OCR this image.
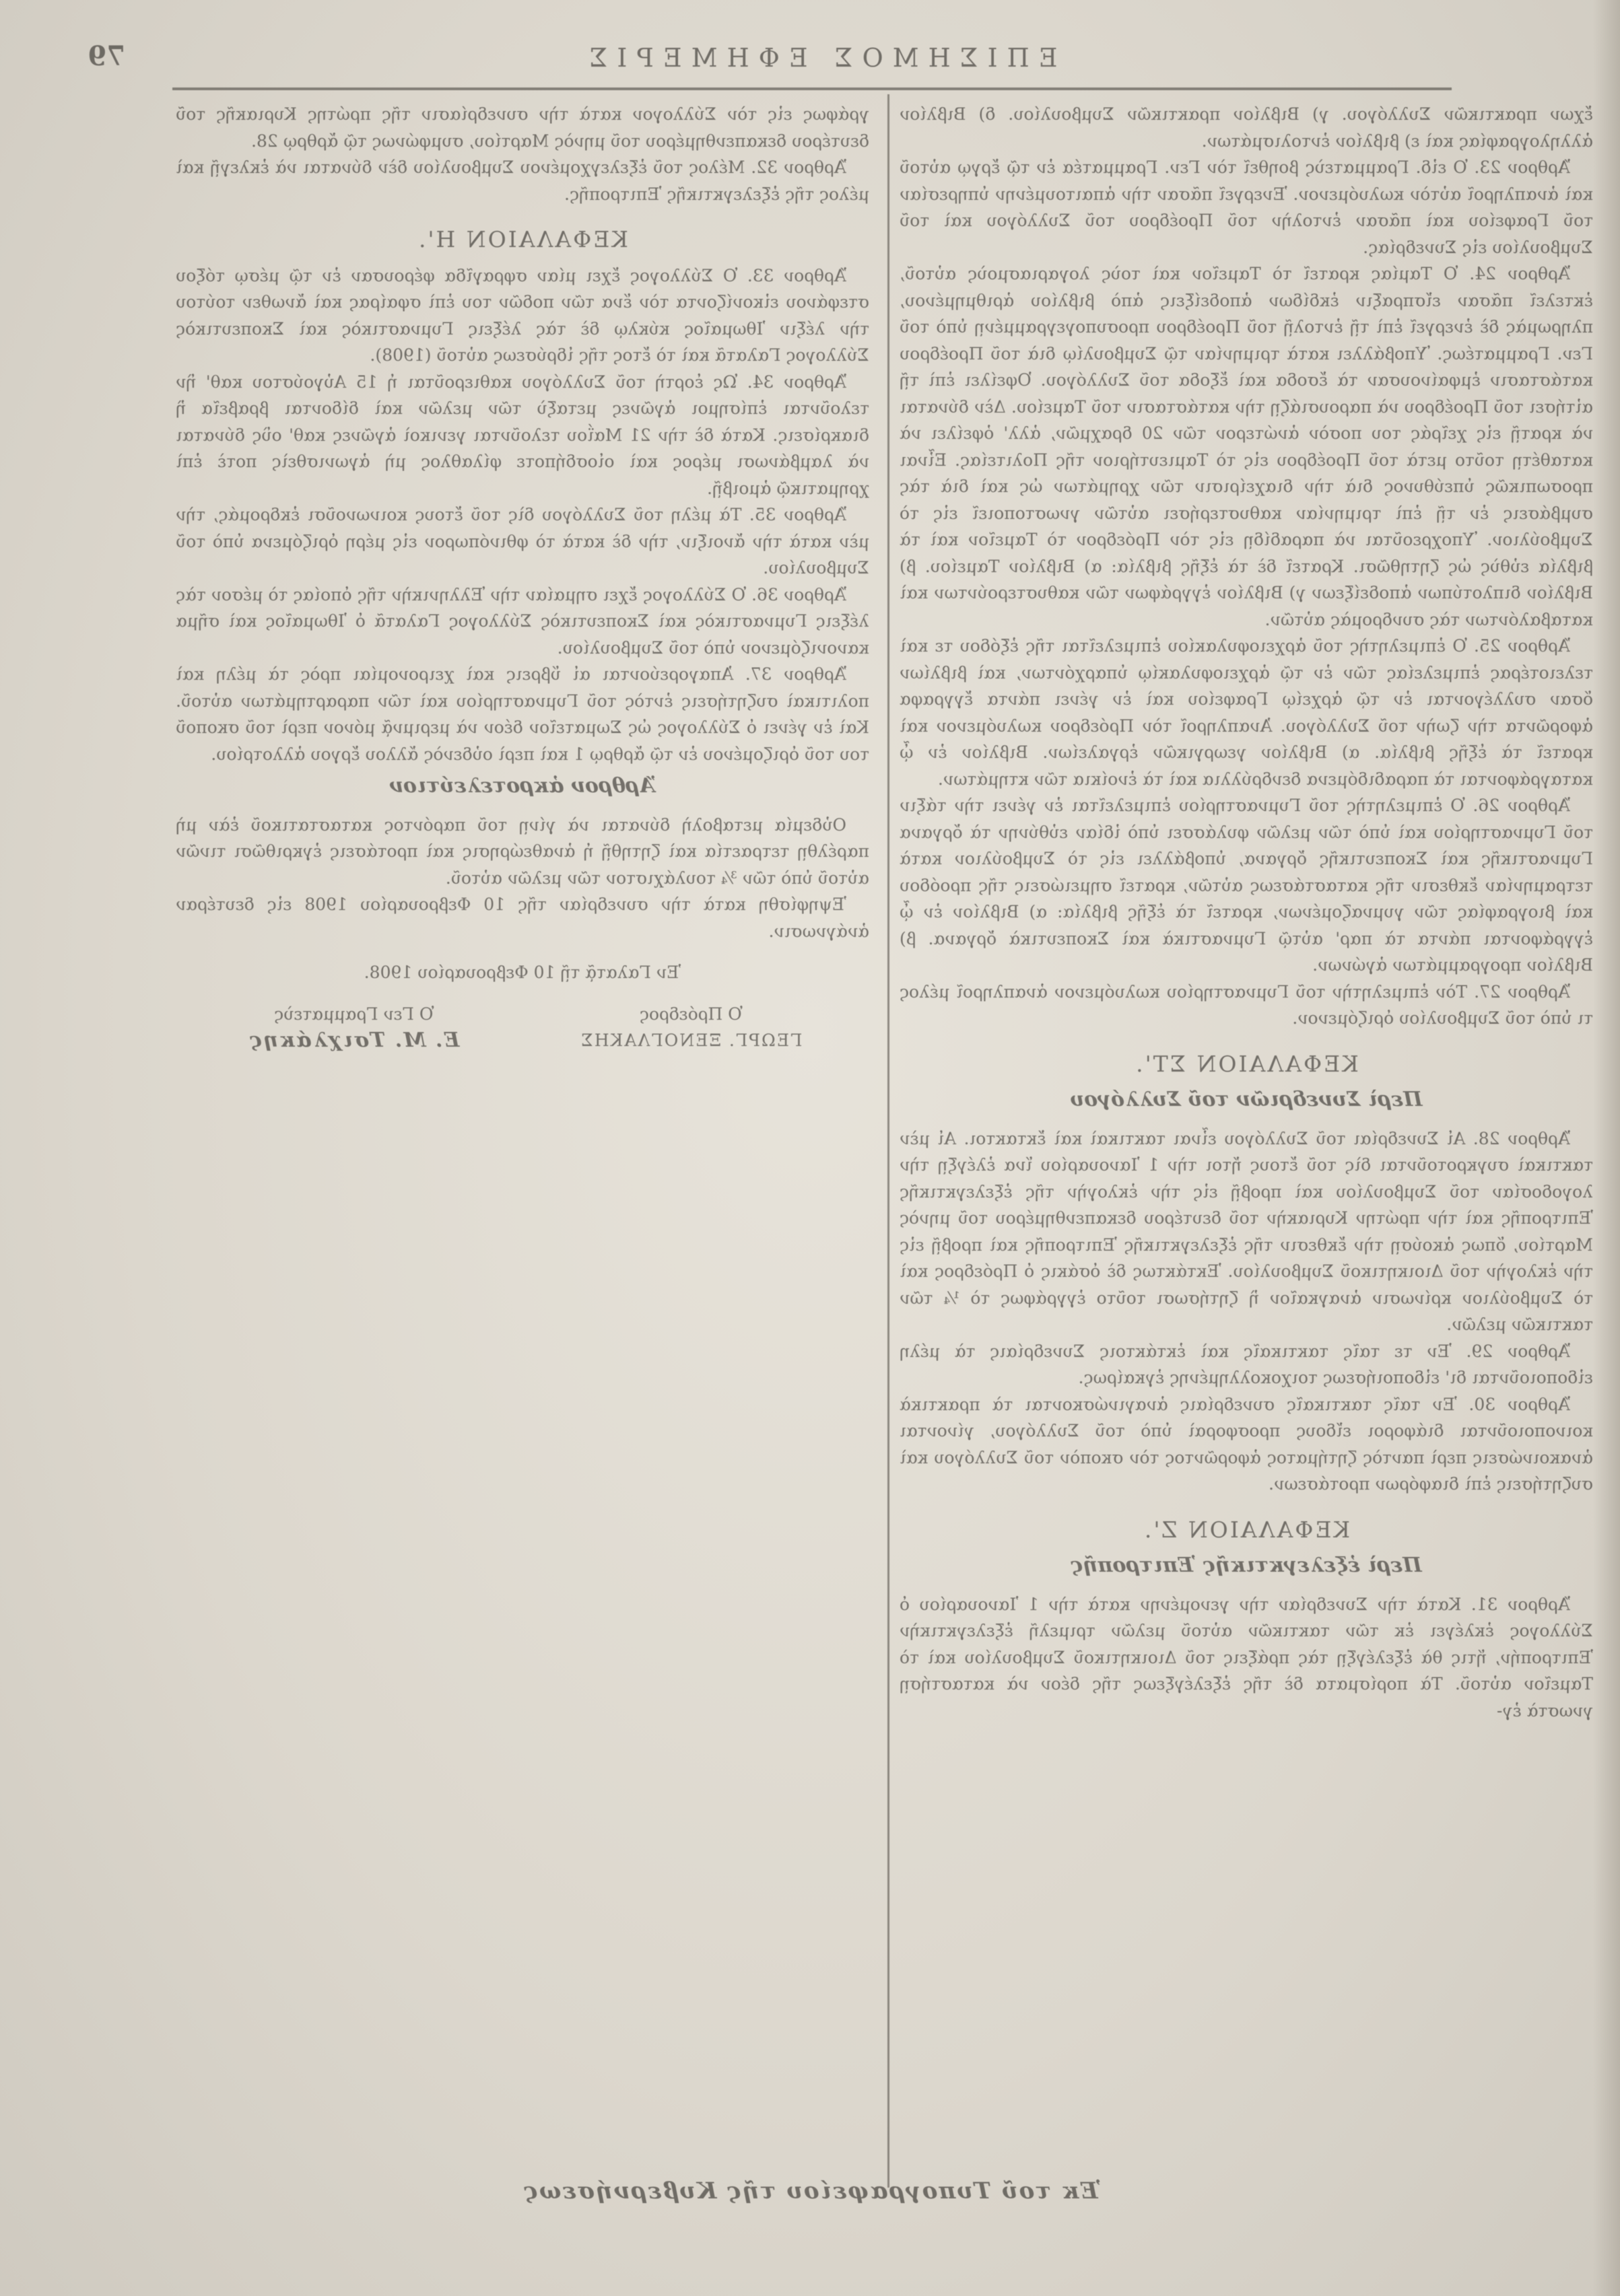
ΕΠΙΣΗΜΟΣ ΕΦΗΜΕΡΙΣ
79

ἔχων πρακτικῶν Συλλόγου. γ) Βιβλίον πρακτικῶν Συμβουλίου. δ) Βιβλίον ἀλληλογραφίας καὶ ε) βιβλίον ἐντολισμάτων.

Ἄρθρον 23. Ὁ εἰδ. Γραμματεὺς βοηθεῖ τὸν Γεν. Γραμματέα ἐν τῷ ἔργῳ αὐτοῦ καὶ ἀναπληροῖ αὐτὸν κωλυόμενον. Ἐνεργεῖ πᾶσαν τὴν ἀπαιτουμένην ὑπηρεσίαν τοῦ Γραφείου καὶ πᾶσαν ἐντολὴν τοῦ Προέδρου τοῦ Συλλόγου καὶ τοῦ Συμβουλίου εἰς Συνεδρίας.

Ἄρθρον 24. Ὁ Ταμίας κρατεῖ τὸ Ταμεῖον καὶ τοὺς λογαριασμοὺς αὐτοῦ, ἐκτελεῖ πᾶσαν εἴσπραξιν ἐκδίδων ἀποδείξεις ἀπὸ βιβλίου ἀριθμημένου, πληρωμὰς δὲ ἐνεργεῖ ἐπὶ τῇ ἐντολῇ τοῦ Προέδρου προσυπογεγραμμένῃ ὑπὸ τοῦ Γεν. Γραμματέως. Ὑποβάλλει κατὰ τριμηνίαν τῷ Συμβουλίῳ διὰ τοῦ Προέδρου κατάστασιν ἐμφαίνουσαν τὰ ἔσοδα καὶ ἔξοδα τοῦ Συλλόγου. Ὀφείλει ἐπὶ τῇ αἰτήσει τοῦ Προέδρου νὰ παρουσιάζῃ τὴν κατάστασιν τοῦ Ταμείου. Δὲν δύναται νὰ κρατῇ εἰς χεῖράς του ποσὸν ἀνώτερον τῶν 20 δραχμῶν, ἀλλ' ὀφείλει νὰ καταθέτῃ τοῦτο μετὰ τοῦ Προέδρου εἰς τὸ Ταμιευτήριον τῆς Πολιτείας. Εἶναι προσωπικῶς ὑπεύθυνος διὰ τὴν διαχείρισιν τῶν χρημάτων ὡς καὶ διὰ τὰς συμβάσεις ἐν τῇ ἐπὶ τριμηνίαν καθυστερήσει αὐτῶν γνωστοποιεῖ εἰς τὸ Συμβούλιον. Ὑποχρεοῦται νὰ παραδίδῃ εἰς τὸν Πρόεδρον τὸ Ταμεῖον καὶ τὰ βιβλία εὐθὺς ὡς ζητηθῶσι. Κρατεῖ δὲ τὰ ἑξῆς βιβλία: α) Βιβλίον Ταμείου. β) Βιβλίον διπλοτύπων ἀποδείξεων γ) Βιβλίον ἐγγράφων τῶν καθυστερούντων καὶ καταβαλόντων τὰς συνδρομὰς αὐτῶν.

Ἄρθρον 25. Ὁ ἐπιμελητὴς τοῦ ἀρχειοφυλακίου ἐπιμελεῖται τῆς ἐξόδου τε καὶ τελειοτέρας ἐπιμελείας τῶν ἐν τῷ ἀρχειοφυλακίῳ ὑπαρχόντων, καὶ βιβλίων ὅσαν συλλέγονται ἐν τῷ ἀρχείῳ Γραφείου καὶ ἐν γένει πάντα ἔγγραφα ἀφορῶντα τὴν ζωὴν τοῦ Συλλόγου. Ἀναπληροῖ τὸν Πρόεδρον κωλυόμενον καὶ κρατεῖ τὰ ἑξῆς βιβλία. α) Βιβλίον γεωργικῶν ἐργαλείων. Βιβλίον ἐν ᾧ καταγράφονται τὰ παραδιδόμενα δενδρύλλια καὶ τὰ ἐνοίκια τῶν κτημάτων.

Ἄρθρον 26. Ὁ ἐπιμελητὴς τοῦ Γυμναστηρίου ἐπιμελεῖται ἐν γένει τὴν τάξιν τοῦ Γυμναστηρίου καὶ ὑπὸ τῶν μελῶν φυλάσσει ὑπὸ ἰδίαν εὐθύνην τὰ ὄργανα Γυμναστικῆς καὶ Σκοπευτικῆς ὄργανα, ὑποβάλλει εἰς τὸ Συμβούλιον κατὰ τετραμηνίαν ἔκθεσιν τῆς καταστάσεως αὐτῶν, κρατεῖ σημειώσεις τῆς προόδου καὶ βιογραφίας τῶν γυμναζομένων, κρατεῖ τὰ ἑξῆς βιβλία: α) Βιβλίον ἐν ᾧ ἐγγράφονται πάντα τὰ παρ' αὐτῷ Γυμναστικὰ καὶ Σκοπευτικὰ ὄργανα. β) Βιβλίον προγραμμάτων ἀγώνων.

Ἄρθρον 27. Τὸν ἐπιμελητὴν τοῦ Γυμναστηρίου κωλυόμενον ἀναπληροῖ μέλος τι ὑπὸ τοῦ Συμβουλίου ὁριζόμενον.

ΚΕΦΑΛΑΙΟΝ ΣΤ'.
Περὶ Συνεδριῶν τοῦ Συλλόγου

Ἄρθρον 28. Αἱ Συνεδρίαι τοῦ Συλλόγου εἶναι τακτικαὶ καὶ ἔκτακτοι. Αἱ μὲν τακτικαὶ συγκροτοῦνται δὶς τοῦ ἔτους ἤτοι τὴν 1 Ἰανουαρίου ἵνα ἐλέγξῃ τὴν λογοδοσίαν τοῦ Συμβουλίου καὶ προβῇ εἰς τὴν ἐκλογὴν τῆς ἐξελεγκτικῆς Ἐπιτροπῆς καὶ τὴν πρώτην Κυριακὴν τοῦ δευτέρου δεκαπενθημέρου τοῦ μηνὸς Μαρτίου, ὅπως ἀκούσῃ τὴν ἔκθεσιν τῆς ἐξελεγκτικῆς Ἐπιτροπῆς καὶ προβῇ εἰς τὴν ἐκλογὴν τοῦ Διοικητικοῦ Συμβουλίου. Ἐκτάκτως δὲ ὁσάκις ὁ Πρόεδρος καὶ τὸ Συμβούλιον κρίνωσιν ἀναγκαῖον ἢ ζητήσωσι τοῦτο ἐγγράφως τὸ ¼ τῶν τακτικῶν μελῶν.

Ἄρθρον 29. Ἐν τε ταῖς τακτικαῖς καὶ ἐκτάκτοις Συνεδρίαις τὰ μέλη εἰδοποιοῦνται δι' εἰδοποιήσεως τοιχοκολλημένης ἐγκαίρως.

Ἄρθρον 30. Ἐν ταῖς τακτικαῖς συνεδρίαις ἀναγινώσκονται τὰ πρακτικὰ κοινοποιοῦνται διάφοροι εἴδους προσφοραὶ ὑπὸ τοῦ Συλλόγου, γίνονται ἀνακοινώσεις περὶ παντὸς ζητήματος ἀφορῶντος τὸν σκοπὸν τοῦ Συλλόγου καὶ συζητήσεις ἐπὶ διαφόρων προτάσεων.

ΚΕΦΑΛΑΙΟΝ Ζ'.
Περὶ ἐξελεγκτικῆς Ἐπιτροπῆς

Ἄρθρον 31. Κατὰ τὴν Συνεδρίαν τὴν γενομένην κατὰ τὴν 1 Ἰανουαρίου ὁ Σύλλογος ἐκλέγει ἐκ τῶν τακτικῶν αὐτοῦ μελῶν τριμελῆ ἐξελεγκτικὴν Ἐπιτροπήν, ἥτις θὰ ἐξελέγξῃ τὰς πράξεις τοῦ Διοικητικοῦ Συμβουλίου καὶ τὸ Ταμεῖον αὐτοῦ. Τὰ πορίσματα δὲ τῆς ἐξελέγξεως τῆς δέον νὰ καταστήσῃ γνωστὰ ἐγ-

γράφως εἰς τὸν Σύλλογον κατὰ τὴν συνεδρίασιν τῆς πρώτης Κυριακῆς τοῦ δευτέρου δεκαπενθημέρου τοῦ μηνὸς Μαρτίου, συμφώνως τῷ ἄρθρῳ 28.

Ἄρθρον 32. Μέλος τοῦ ἐξελεγχομένου Συμβουλίου δὲν δύναται νὰ ἐκλεγῇ καὶ μέλος τῆς ἐξελεγκτικῆς Ἐπιτροπῆς.

ΚΕΦΑΛΑΙΟΝ Η'.

Ἄρθρον 33. Ὁ Σύλλογος ἔχει μίαν σφραγῖδα φέρουσαν ἐν τῷ μέσῳ τόξου στεφάνου εἰκονίζοντα τὸν ἕνα τῶν ποδῶν του ἐπὶ σφαίρας καὶ ἄνωθεν τούτου τὴν λέξιν Ἰθωμαῖος κύκλῳ δὲ τὰς λέξεις Γυμναστικὸς καὶ Σκοπευτικὸς Σύλλογος Γαλατᾶ καὶ τὸ ἔτος τῆς ἱδρύσεως αὐτοῦ (1908).

Ἄρθρον 34. Ὡς ἑορτὴ τοῦ Συλλόγου καθιεροῦται ἡ 15 Αὐγούστου καθ' ἣν τελοῦνται ἐπίσημοι ἀγῶνες μεταξὺ τῶν μελῶν καὶ δίδονται βραβεῖα ἢ διακρίσεις. Κατὰ δὲ τὴν 21 Μαΐου τελοῦνται γενικοὶ ἀγῶνες καθ' οὓς δύναται νὰ λαμβάνωσι μέρος καὶ οἱοσδήποτε φίλαθλος μὴ ἀγωνισθεὶς ποτὲ ἐπὶ χρηματικῷ ἀμοιβῇ.

Ἄρθρον 35. Τὰ μέλη τοῦ Συλλόγου δὶς τοῦ ἔτους κοινωνοῦσι ἐκδρομάς, τὴν μὲν κατὰ τὴν ἄνοιξιν, τὴν δὲ κατὰ τὸ φθινόπωρον εἰς μέρη ὁριζόμενα ὑπὸ τοῦ Συμβουλίου.

Ἄρθρον 36. Ὁ Σύλλογος ἔχει σημαίαν τὴν Ἑλληνικὴν τῆς ὁποίας τὸ μέσον τὰς λέξεις Γυμναστικὸς καὶ Σκοπευτικὸς Σύλλογος Γαλατᾶ ὁ Ἰθωμαῖος καὶ σῆμα κανονιζόμενον ὑπὸ τοῦ Συμβουλίου.

Ἄρθρον 37. Ἀπαγορεύονται αἱ ὕβρεις καὶ χειρονομίαι πρὸς τὰ μέλη καὶ πολιτικαὶ συζητήσεις ἐντὸς τοῦ Γυμναστηρίου καὶ τῶν παραρτημάτων αὐτοῦ. Καὶ ἐν γένει ὁ Σύλλογος ὡς Σωματεῖον δέον νὰ μεριμνᾷ μόνον περὶ τοῦ σκοποῦ του τοῦ ὁριζομένου ἐν τῷ ἄρθρῳ 1 καὶ περὶ οὐδενὸς ἄλλου ἔργου ἀλλοτρίου.

Ἄρθρον ἀκροτελεύτιον

Οὐδεμία μεταβολὴ δύναται νὰ γίνῃ τοῦ παρόντος καταστατικοῦ ἐὰν μὴ παρέλθῃ τετραετία καὶ ζητηθῇ ἡ ἀναθεώρησις καὶ προτάσεις ἐγκριθῶσι τινῶν αὐτοῦ ὑπὸ τῶν ¾ τουλάχιστον τῶν μελῶν αὐτοῦ.

Ἐψηφίσθη κατὰ τὴν συνεδρίαν τῆς 10 Φεβρουαρίου 1908 εἰς δευτέραν ἀνάγνωσιν.

Ἐν Γαλατᾷ τῇ 10 Φεβρουαρίου 1908.
Ὁ Πρόεδρος
Ὁ Γεν Γραμματεὺς
ΓΕΩΡΓ. ΞΕΝΟΓΛΑΚΗΣ
Ε. Μ. Τσιχλάκης
Ἐκ τοῦ Τυπογραφείου τῆς Κυβερνήσεως
